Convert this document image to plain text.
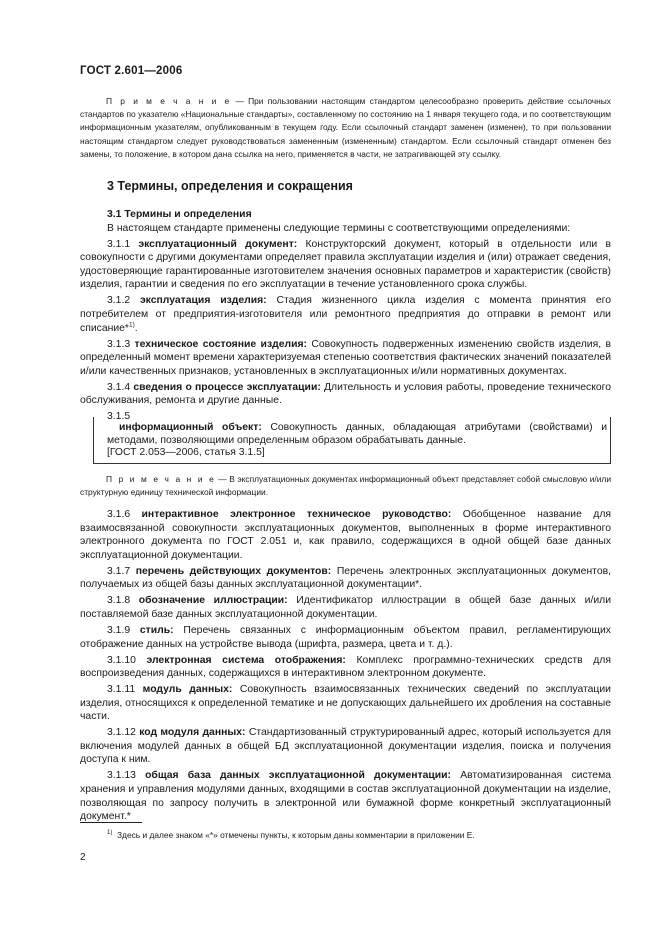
ГОСТ 2.601—2006
П р и м е ч а н и е — При пользовании настоящим стандартом целесообразно проверить действие ссылочных стандартов по указателю «Национальные стандарты», составленному по состоянию на 1 января текущего года, и по соответствующим информационным указателям, опубликованным в текущем году. Если ссылочный стандарт заменен (изменен), то при пользовании настоящим стандартом следует руководствоваться замененным (измененным) стандартом. Если ссылочный стандарт отменен без замены, то положение, в котором дана ссылка на него, применяется в части, не затрагивающей эту ссылку.
3 Термины, определения и сокращения

3.1 Термины и определения

В настоящем стандарте применены следующие термины с соответствующими определениями:

3.1.1 эксплуатационный документ: Конструкторский документ, который в отдельности или в совокупности с другими документами определяет правила эксплуатации изделия и (или) отражает сведения, удостоверяющие гарантированные изготовителем значения основных параметров и характеристик (свойств) изделия, гарантии и сведения по его эксплуатации в течение установленного срока службы.

3.1.2 эксплуатация изделия: Стадия жизненного цикла изделия с момента принятия его потребителем от предприятия-изготовителя или ремонтного предприятия до отправки в ремонт или списание*$^{1)}$.

3.1.3 техническое состояние изделия: Совокупность подверженных изменению свойств изделия, в определенный момент времени характеризуемая степенью соответствия фактических значений показателей и/или качественных признаков, установленных в эксплуатационных и/или нормативных документах.

3.1.4 сведения о процессе эксплуатации: Длительность и условия работы, проведение технического обслуживания, ремонта и другие данные.

3.1.5

информационный объект: Совокупность данных, обладающая атрибутами (свойствами) и методами, позволяющими определенным образом обрабатывать данные.
[ГОСТ 2.053—2006, статья 3.1.5]
П р и м е ч а н и е — В эксплуатационных документах информационный объект представляет собой смысловую и/или структурную единицу технической информации.

3.1.6 интерактивное электронное техническое руководство: Обобщенное название для взаимосвязанной совокупности эксплуатационных документов, выполненных в форме интерактивного электронного документа по ГОСТ 2.051 и, как правило, содержащихся в одной общей базе данных эксплуатационной документации.

3.1.7 перечень действующих документов: Перечень электронных эксплуатационных документов, получаемых из общей базы данных эксплуатационной документации*.

3.1.8 обозначение иллюстрации: Идентификатор иллюстрации в общей базе данных и/или поставляемой базе данных эксплуатационной документации.

3.1.9 стиль: Перечень связанных с информационным объектом правил, регламентирующих отображение данных на устройстве вывода (шрифта, размера, цвета и т. д.).

3.1.10 электронная система отображения: Комплекс программно-технических средств для воспроизведения данных, содержащихся в интерактивном электронном документе.

3.1.11 модуль данных: Совокупность взаимосвязанных технических сведений по эксплуатации изделия, относящихся к определенной тематике и не допускающих дальнейшего их дробления на составные части.

3.1.12 код модуля данных: Стандартизованный структурированный адрес, который используется для включения модулей данных в общей БД эксплуатационной документации изделия, поиска и получения доступа к ним.

3.1.13 общая база данных эксплуатационной документации: Автоматизированная система хранения и управления модулями данных, входящими в состав эксплуатационной документации на изделие, позволяющая по запросу получить в электронной или бумажной форме конкретный эксплуатационный документ.*

$^{1)}$ Здесь и далее знаком «*» отмечены пункты, к которым даны комментарии в приложении Е.
2
